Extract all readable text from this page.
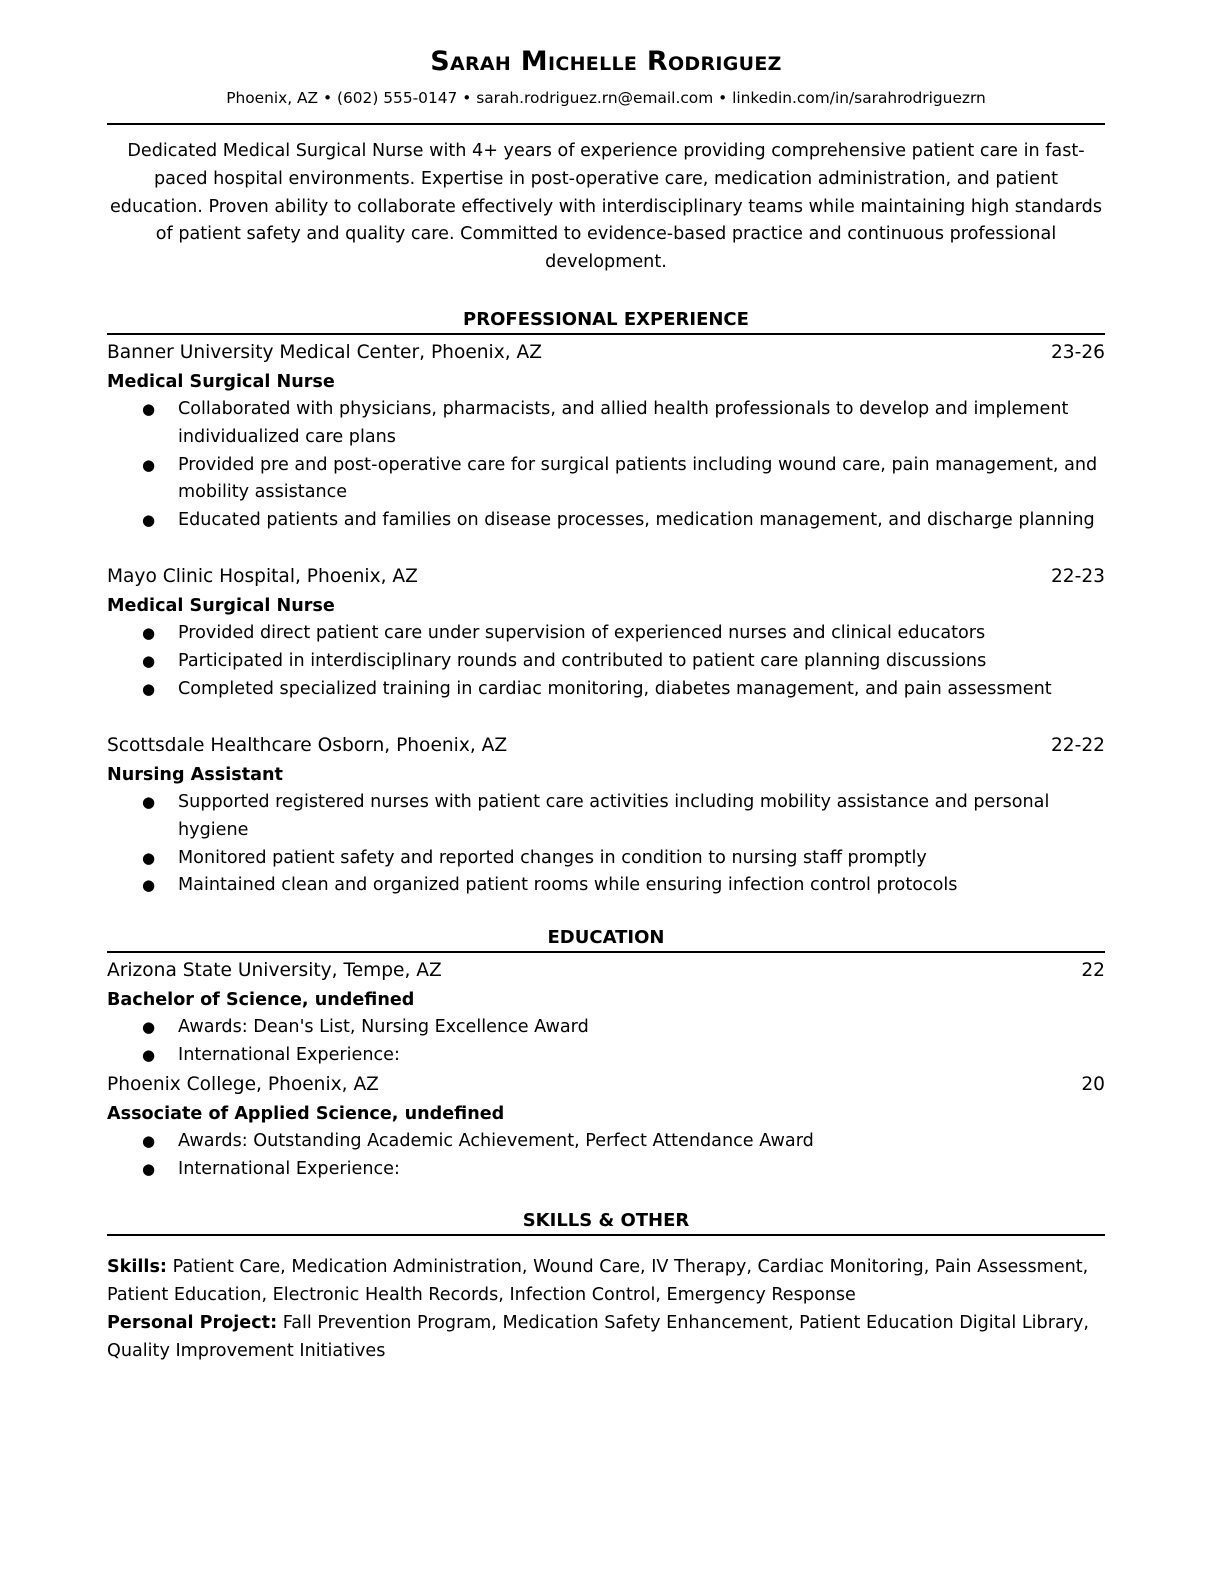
Sarah Michelle Rodriguez
Phoenix, AZ • (602) 555-0147 • sarah.rodriguez.rn@email.com • linkedin.com/in/sarahrodriguezrn
Dedicated Medical Surgical Nurse with 4+ years of experience providing comprehensive patient care in fast-paced hospital environments. Expertise in post-operative care, medication administration, and patient education. Proven ability to collaborate effectively with interdisciplinary teams while maintaining high standards of patient safety and quality care. Committed to evidence-based practice and continuous professional development.
PROFESSIONAL EXPERIENCE
Banner University Medical Center, Phoenix, AZ	23-26
Medical Surgical Nurse
● Collaborated with physicians, pharmacists, and allied health professionals to develop and implement individualized care plans
● Provided pre and post-operative care for surgical patients including wound care, pain management, and mobility assistance
● Educated patients and families on disease processes, medication management, and discharge planning
Mayo Clinic Hospital, Phoenix, AZ	22-23
Medical Surgical Nurse
● Provided direct patient care under supervision of experienced nurses and clinical educators
● Participated in interdisciplinary rounds and contributed to patient care planning discussions
● Completed specialized training in cardiac monitoring, diabetes management, and pain assessment
Scottsdale Healthcare Osborn, Phoenix, AZ	22-22
Nursing Assistant
● Supported registered nurses with patient care activities including mobility assistance and personal hygiene
● Monitored patient safety and reported changes in condition to nursing staff promptly
● Maintained clean and organized patient rooms while ensuring infection control protocols
EDUCATION
Arizona State University, Tempe, AZ	22
Bachelor of Science, undefined
● Awards: Dean's List, Nursing Excellence Award
● International Experience:
Phoenix College, Phoenix, AZ	20
Associate of Applied Science, undefined
● Awards: Outstanding Academic Achievement, Perfect Attendance Award
● International Experience:
SKILLS & OTHER

Skills: Patient Care, Medication Administration, Wound Care, IV Therapy, Cardiac Monitoring, Pain Assessment, Patient Education, Electronic Health Records, Infection Control, Emergency Response

Personal Project: Fall Prevention Program, Medication Safety Enhancement, Patient Education Digital Library, Quality Improvement Initiatives
